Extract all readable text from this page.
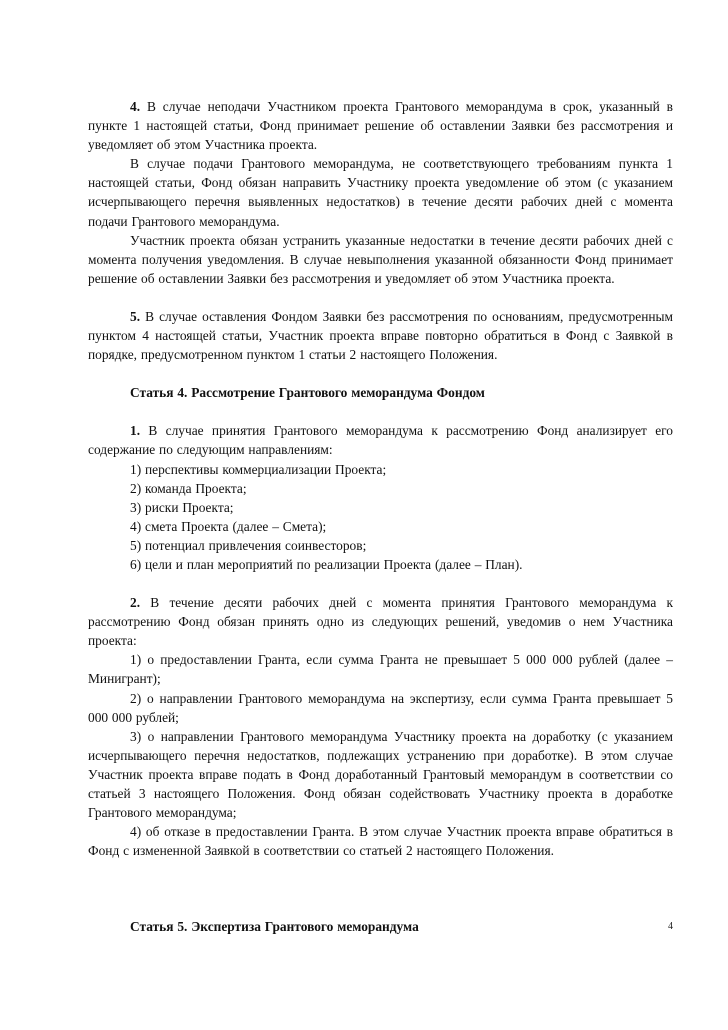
4. В случае неподачи Участником проекта Грантового меморандума в срок, указанный в пункте 1 настоящей статьи, Фонд принимает решение об оставлении Заявки без рассмотрения и уведомляет об этом Участника проекта.

В случае подачи Грантового меморандума, не соответствующего требованиям пункта 1 настоящей статьи, Фонд обязан направить Участнику проекта уведомление об этом (с указанием исчерпывающего перечня выявленных недостатков) в течение десяти рабочих дней с момента подачи Грантового меморандума.

Участник проекта обязан устранить указанные недостатки в течение десяти рабочих дней с момента получения уведомления. В случае невыполнения указанной обязанности Фонд принимает решение об оставлении Заявки без рассмотрения и уведомляет об этом Участника проекта.

5. В случае оставления Фондом Заявки без рассмотрения по основаниям, предусмотренным пунктом 4 настоящей статьи, Участник проекта вправе повторно обратиться в Фонд с Заявкой в порядке, предусмотренном пунктом 1 статьи 2 настоящего Положения.

Статья 4. Рассмотрение Грантового меморандума Фондом

1. В случае принятия Грантового меморандума к рассмотрению Фонд анализирует его содержание по следующим направлениям:

1) перспективы коммерциализации Проекта;

2) команда Проекта;

3) риски Проекта;

4) смета Проекта (далее – Смета);

5) потенциал привлечения соинвесторов;

6) цели и план мероприятий по реализации Проекта (далее – План).

2. В течение десяти рабочих дней с момента принятия Грантового меморандума к рассмотрению Фонд обязан принять одно из следующих решений, уведомив о нем Участника проекта:

1) о предоставлении Гранта, если сумма Гранта не превышает 5 000 000 рублей (далее – Минигрант);

2) о направлении Грантового меморандума на экспертизу, если сумма Гранта превышает 5 000 000 рублей;

3) о направлении Грантового меморандума Участнику проекта на доработку (с указанием исчерпывающего перечня недостатков, подлежащих устранению при доработке). В этом случае Участник проекта вправе подать в Фонд доработанный Грантовый меморандум в соответствии со статьей 3 настоящего Положения. Фонд обязан содействовать Участнику проекта в доработке Грантового меморандума;

4) об отказе в предоставлении Гранта. В этом случае Участник проекта вправе обратиться в Фонд с измененной Заявкой в соответствии со статьей 2 настоящего Положения.

Статья 5. Экспертиза Грантового меморандума	4
